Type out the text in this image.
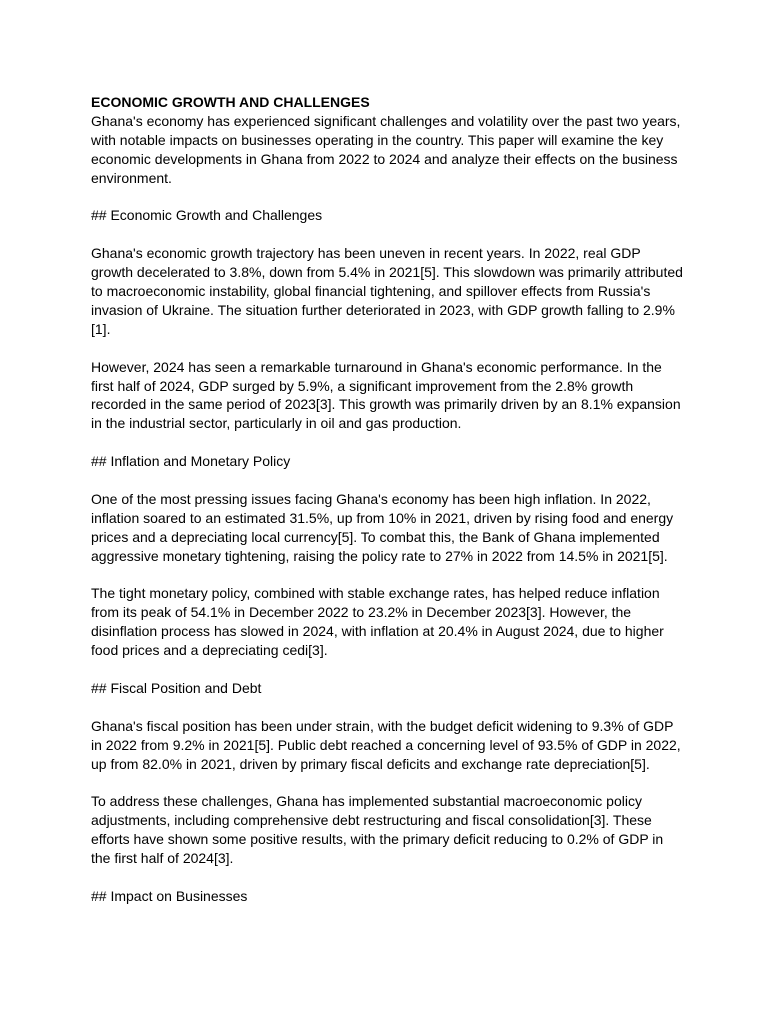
ECONOMIC GROWTH AND CHALLENGES

Ghana's economy has experienced significant challenges and volatility over the past two years, with notable impacts on businesses operating in the country. This paper will examine the key economic developments in Ghana from 2022 to 2024 and analyze their effects on the business environment.

## Economic Growth and Challenges

Ghana's economic growth trajectory has been uneven in recent years. In 2022, real GDP growth decelerated to 3.8%, down from 5.4% in 2021[5]. This slowdown was primarily attributed to macroeconomic instability, global financial tightening, and spillover effects from Russia's invasion of Ukraine. The situation further deteriorated in 2023, with GDP growth falling to 2.9%[1].

However, 2024 has seen a remarkable turnaround in Ghana's economic performance. In the first half of 2024, GDP surged by 5.9%, a significant improvement from the 2.8% growth recorded in the same period of 2023[3]. This growth was primarily driven by an 8.1% expansion in the industrial sector, particularly in oil and gas production.

## Inflation and Monetary Policy

One of the most pressing issues facing Ghana's economy has been high inflation. In 2022, inflation soared to an estimated 31.5%, up from 10% in 2021, driven by rising food and energy prices and a depreciating local currency[5]. To combat this, the Bank of Ghana implemented aggressive monetary tightening, raising the policy rate to 27% in 2022 from 14.5% in 2021[5].

The tight monetary policy, combined with stable exchange rates, has helped reduce inflation from its peak of 54.1% in December 2022 to 23.2% in December 2023[3]. However, the disinflation process has slowed in 2024, with inflation at 20.4% in August 2024, due to higher food prices and a depreciating cedi[3].

## Fiscal Position and Debt

Ghana's fiscal position has been under strain, with the budget deficit widening to 9.3% of GDP in 2022 from 9.2% in 2021[5]. Public debt reached a concerning level of 93.5% of GDP in 2022, up from 82.0% in 2021, driven by primary fiscal deficits and exchange rate depreciation[5].

To address these challenges, Ghana has implemented substantial macroeconomic policy adjustments, including comprehensive debt restructuring and fiscal consolidation[3]. These efforts have shown some positive results, with the primary deficit reducing to 0.2% of GDP in the first half of 2024[3].

## Impact on Businesses
